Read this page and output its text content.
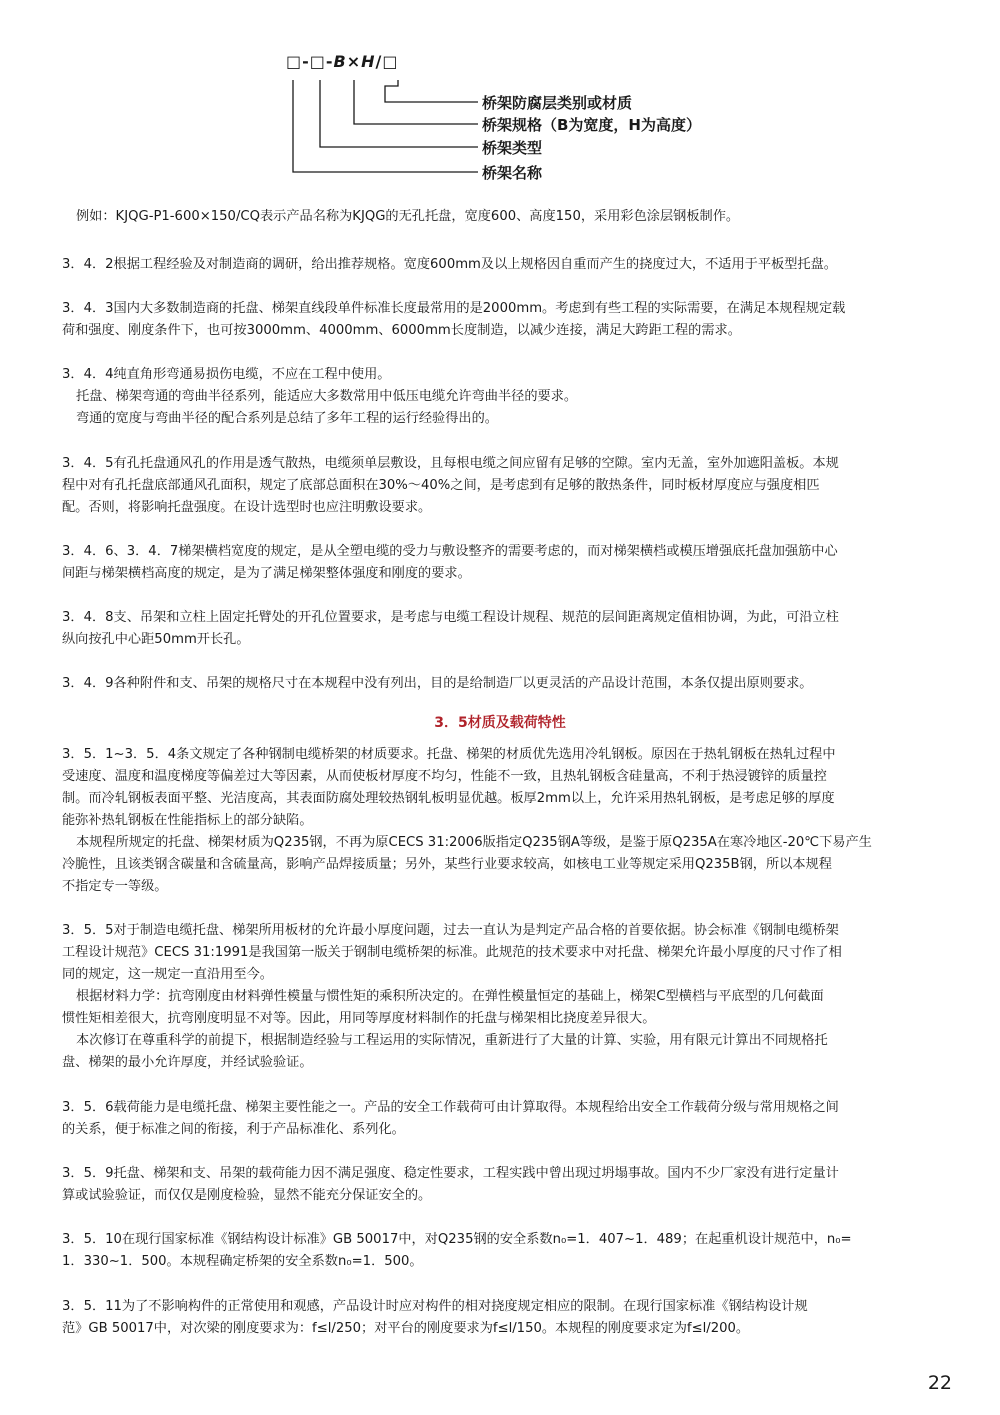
□-□-B×H/□
桥架防腐层类别或材质
桥架规格（B为宽度，H为高度）
桥架类型
桥架名称
例如：KJQG-P1-600×150/CQ表示产品名称为KJQG的无孔托盘，宽度600、高度150，采用彩色涂层钢板制作。
3．4．2根据工程经验及对制造商的调研，给出推荐规格。宽度600mm及以上规格因自重而产生的挠度过大，不适用于平板型托盘。
3．4．3国内大多数制造商的托盘、梯架直线段单件标准长度最常用的是2000mm。考虑到有些工程的实际需要，在满足本规程规定载
荷和强度、刚度条件下，也可按3000mm、4000mm、6000mm长度制造，以减少连接，满足大跨距工程的需求。
3．4．4纯直角形弯通易损伤电缆，不应在工程中使用。
托盘、梯架弯通的弯曲半径系列，能适应大多数常用中低压电缆允许弯曲半径的要求。
弯通的宽度与弯曲半径的配合系列是总结了多年工程的运行经验得出的。
3．4．5有孔托盘通风孔的作用是透气散热，电缆须单层敷设，且每根电缆之间应留有足够的空隙。室内无盖，室外加遮阳盖板。本规
程中对有孔托盘底部通风孔面积，规定了底部总面积在30%～40%之间，是考虑到有足够的散热条件，同时板材厚度应与强度相匹
配。否则，将影响托盘强度。在设计选型时也应注明敷设要求。
3．4．6、3．4．7梯架横档宽度的规定，是从全塑电缆的受力与敷设整齐的需要考虑的，而对梯架横档或模压增强底托盘加强筋中心
间距与梯架横档高度的规定，是为了满足梯架整体强度和刚度的要求。
3．4．8支、吊架和立柱上固定托臂处的开孔位置要求，是考虑与电缆工程设计规程、规范的层间距离规定值相协调，为此，可沿立柱
纵向按孔中心距50mm开长孔。
3．4．9各种附件和支、吊架的规格尺寸在本规程中没有列出，目的是给制造厂以更灵活的产品设计范围，本条仅提出原则要求。
3．5材质及载荷特性
3．5．1~3．5．4条文规定了各种钢制电缆桥架的材质要求。托盘、梯架的材质优先选用冷轧钢板。原因在于热轧钢板在热轧过程中
受速度、温度和温度梯度等偏差过大等因素，从而使板材厚度不均匀，性能不一致，且热轧钢板含硅量高，不利于热浸镀锌的质量控
制。而冷轧钢板表面平整、光洁度高，其表面防腐处理较热钢轧板明显优越。板厚2mm以上，允许采用热轧钢板，是考虑足够的厚度
能弥补热轧钢板在性能指标上的部分缺陷。
本规程所规定的托盘、梯架材质为Q235钢，不再为原CECS 31:2006版指定Q235钢A等级，是鉴于原Q235A在寒冷地区-20℃下易产生
冷脆性，且该类钢含碳量和含硫量高，影响产品焊接质量；另外，某些行业要求较高，如核电工业等规定采用Q235B钢，所以本规程
不指定专一等级。
3．5．5对于制造电缆托盘、梯架所用板材的允许最小厚度问题，过去一直认为是判定产品合格的首要依据。协会标准《钢制电缆桥架
工程设计规范》CECS 31:1991是我国第一版关于钢制电缆桥架的标准。此规范的技术要求中对托盘、梯架允许最小厚度的尺寸作了相
同的规定，这一规定一直沿用至今。
根据材料力学：抗弯刚度由材料弹性模量与惯性矩的乘积所决定的。在弹性模量恒定的基础上，梯架C型横档与平底型的几何截面
惯性矩相差很大，抗弯刚度明显不对等。因此，用同等厚度材料制作的托盘与梯架相比挠度差异很大。
本次修订在尊重科学的前提下，根据制造经验与工程运用的实际情况，重新进行了大量的计算、实验，用有限元计算出不同规格托
盘、梯架的最小允许厚度，并经试验验证。
3．5．6载荷能力是电缆托盘、梯架主要性能之一。产品的安全工作载荷可由计算取得。本规程给出安全工作载荷分级与常用规格之间
的关系，便于标准之间的衔接，利于产品标准化、系列化。
3．5．9托盘、梯架和支、吊架的载荷能力因不满足强度、稳定性要求，工程实践中曾出现过坍塌事故。国内不少厂家没有进行定量计
算或试验验证，而仅仅是刚度检验，显然不能充分保证安全的。
3．5．10在现行国家标准《钢结构设计标准》GB 50017中，对Q235钢的安全系数n₀=1．407~1．489；在起重机设计规范中，n₀=
1．330~1．500。本规程确定桥架的安全系数n₀=1．500。
3．5．11为了不影响构件的正常使用和观感，产品设计时应对构件的相对挠度规定相应的限制。在现行国家标准《钢结构设计规
范》GB 50017中，对次梁的刚度要求为：f≤l/250；对平台的刚度要求为f≤l/150。本规程的刚度要求定为f≤l/200。
22
